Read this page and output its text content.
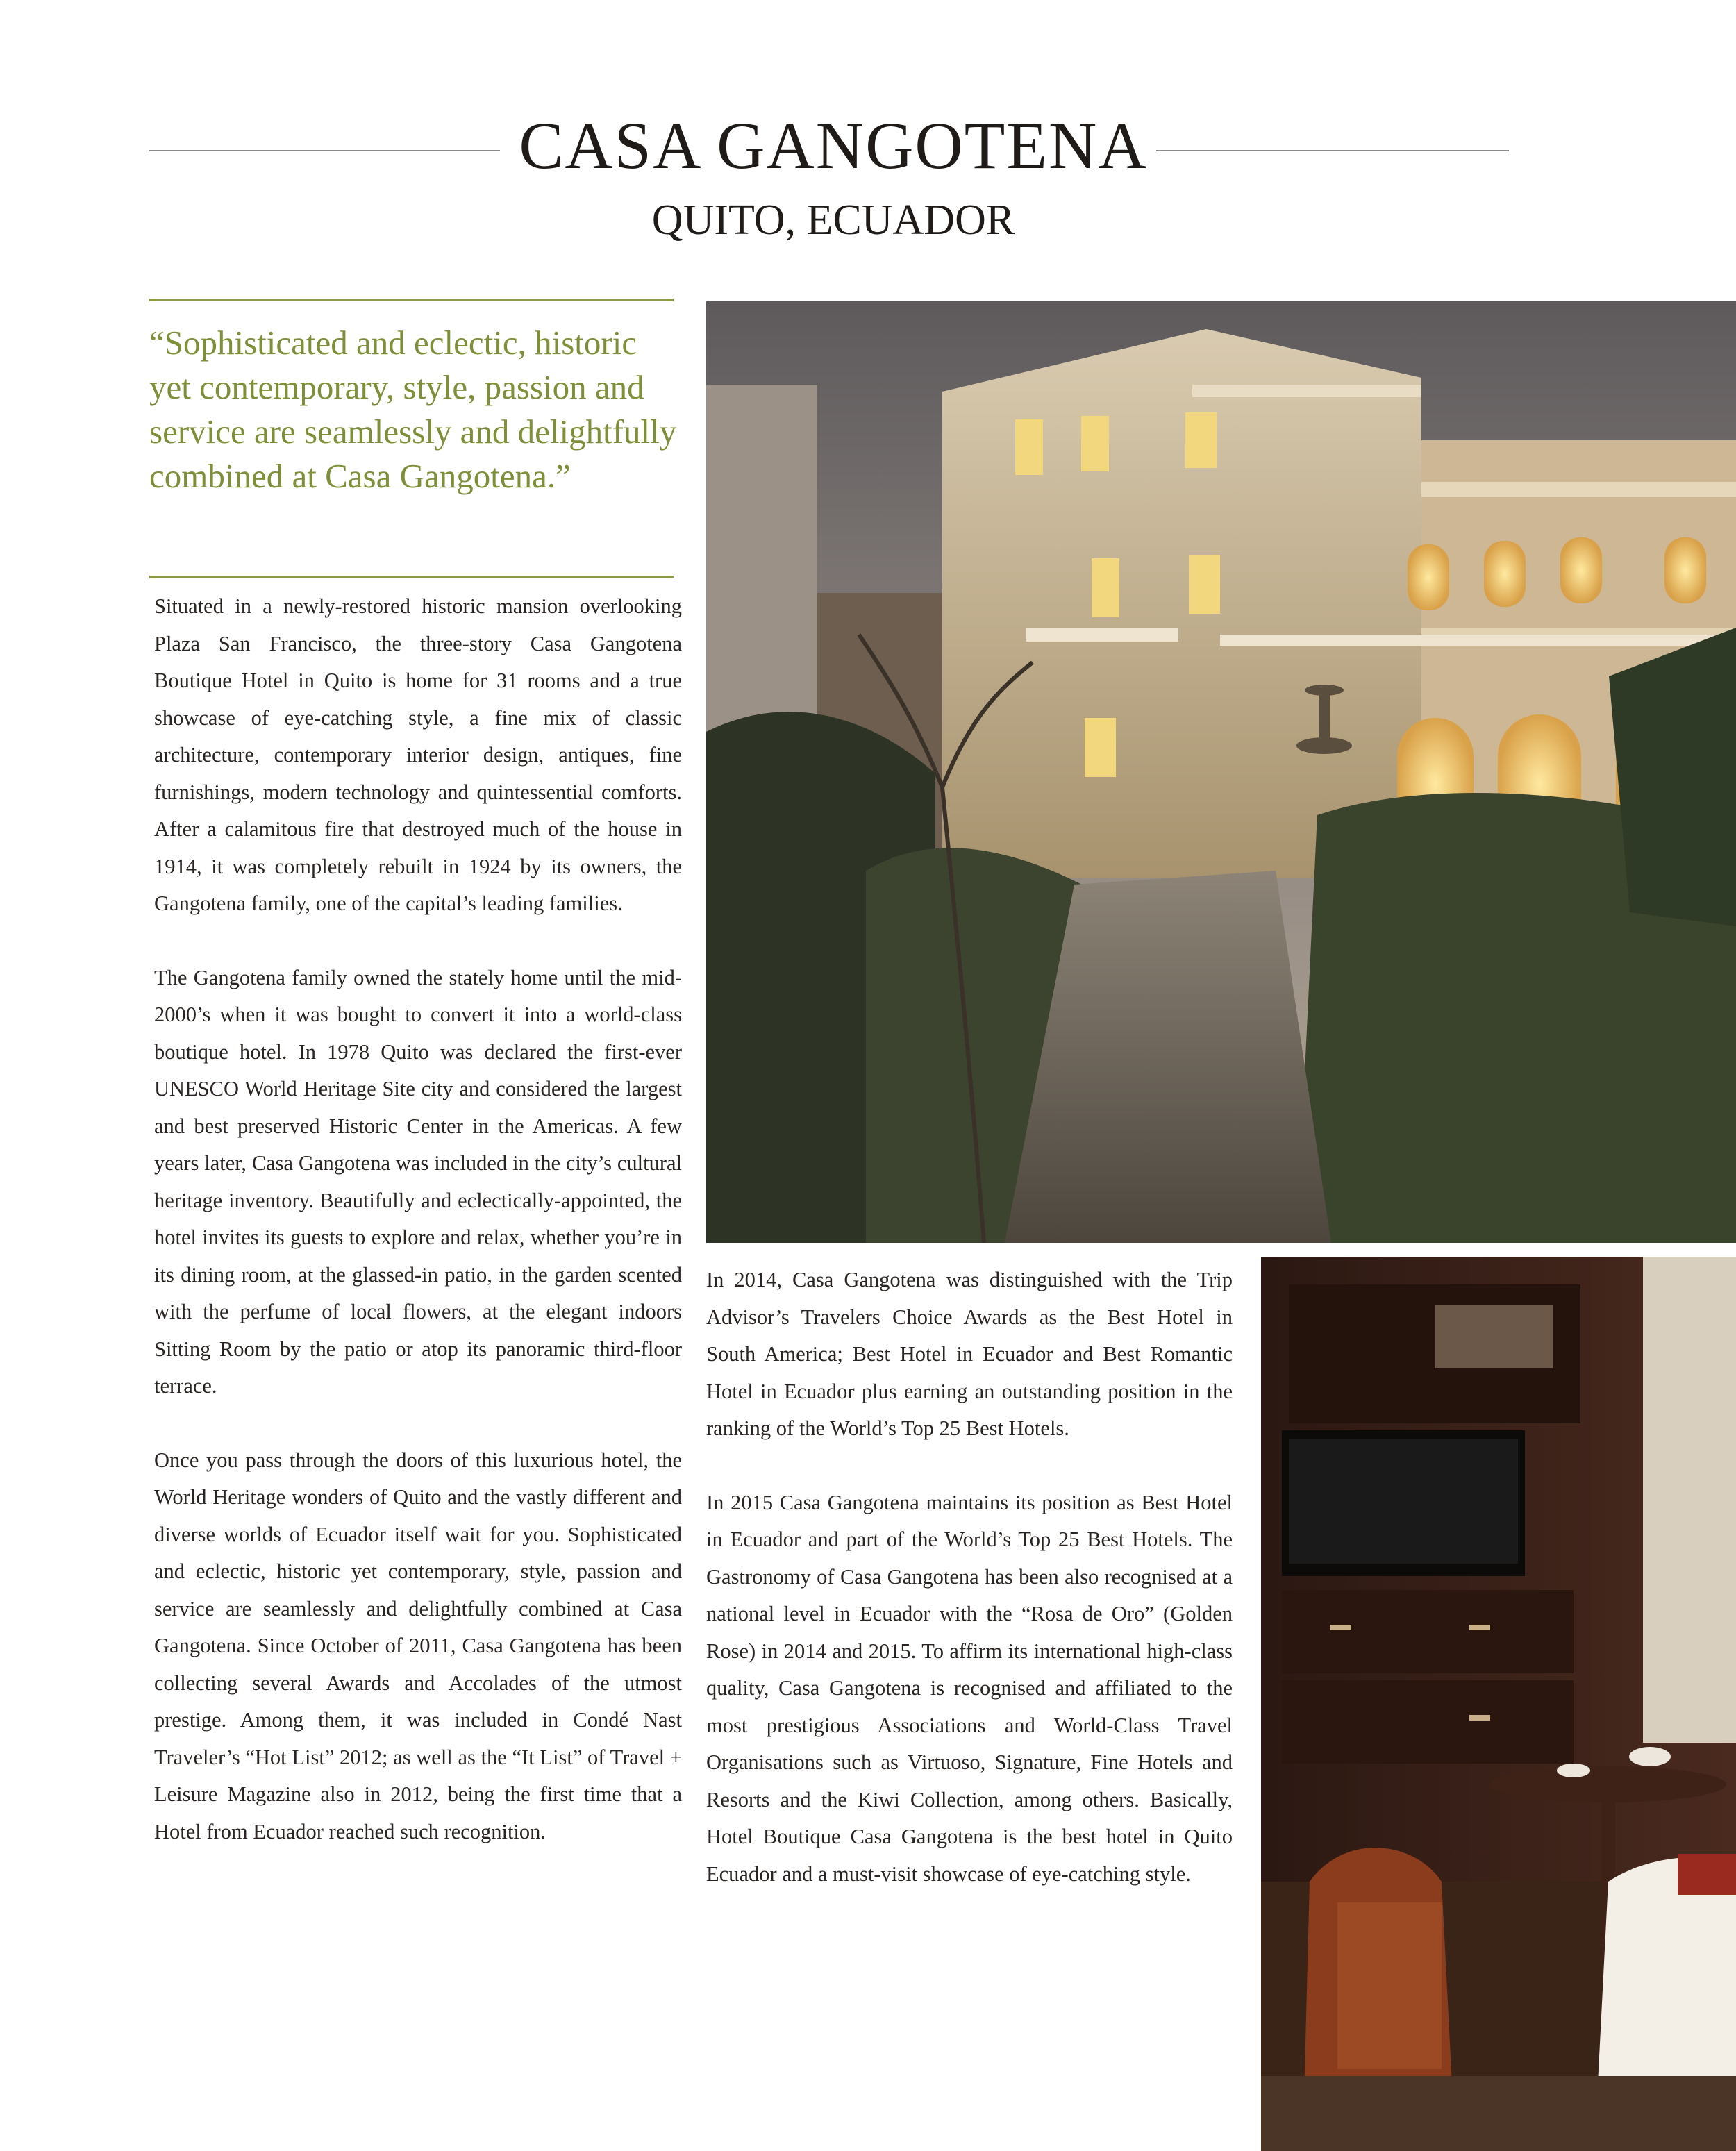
CASA GANGOTENA
QUITO, ECUADOR

“Sophisticated and eclectic, historic yet contemporary, style, passion and service are seamlessly and delightfully combined at Casa Gangotena.”

Situated in a newly-restored historic mansion overlooking Plaza San Francisco, the three-story Casa Gangotena Boutique Hotel in Quito is home for 31 rooms and a true showcase of eye-catching style, a fine mix of classic architecture, contemporary interior design, antiques, fine furnishings, modern technology and quintessential comforts. After a calamitous fire that destroyed much of the house in 1914, it was completely rebuilt in 1924 by its owners, the Gangotena family, one of the capital’s leading families.

The Gangotena family owned the stately home until the mid-2000’s when it was bought to convert it into a world-class boutique hotel. In 1978 Quito was declared the first-ever UNESCO World Heritage Site city and considered the largest and best preserved Historic Center in the Americas. A few years later, Casa Gangotena was included in the city’s cultural heritage inventory. Beautifully and eclectically-appointed, the hotel invites its guests to explore and relax, whether you’re in its dining room, at the glassed-in patio, in the garden scented with the perfume of local flowers, at the elegant indoors Sitting Room by the patio or atop its panoramic third-floor terrace.

Once you pass through the doors of this luxurious hotel, the World Heritage wonders of Quito and the vastly different and diverse worlds of Ecuador itself wait for you. Sophisticated and eclectic, historic yet contemporary, style, passion and service are seamlessly and delightfully combined at Casa Gangotena. Since October of 2011, Casa Gangotena has been collecting several Awards and Accolades of the utmost prestige. Among them, it was included in Condé Nast Traveler’s “Hot List” 2012; as well as the “It List” of Travel + Leisure Magazine also in 2012, being the first time that a Hotel from Ecuador reached such recognition.

In 2014, Casa Gangotena was distinguished with the Trip Advisor’s Travelers Choice Awards as the Best Hotel in South America; Best Hotel in Ecuador and Best Romantic Hotel in Ecuador plus earning an outstanding position in the ranking of the World’s Top 25 Best Hotels.

In 2015 Casa Gangotena maintains its position as Best Hotel in Ecuador and part of the World’s Top 25 Best Hotels. The Gastronomy of Casa Gangotena has been also recognised at a national level in Ecuador with the “Rosa de Oro” (Golden Rose) in 2014 and 2015. To affirm its international high-class quality, Casa Gangotena is recognised and affiliated to the most prestigious Associations and World-Class Travel Organisations such as Virtuoso, Signature, Fine Hotels and Resorts and the Kiwi Collection, among others. Basically, Hotel Boutique Casa Gangotena is the best hotel in Quito Ecuador and a must-visit showcase of eye-catching style.
